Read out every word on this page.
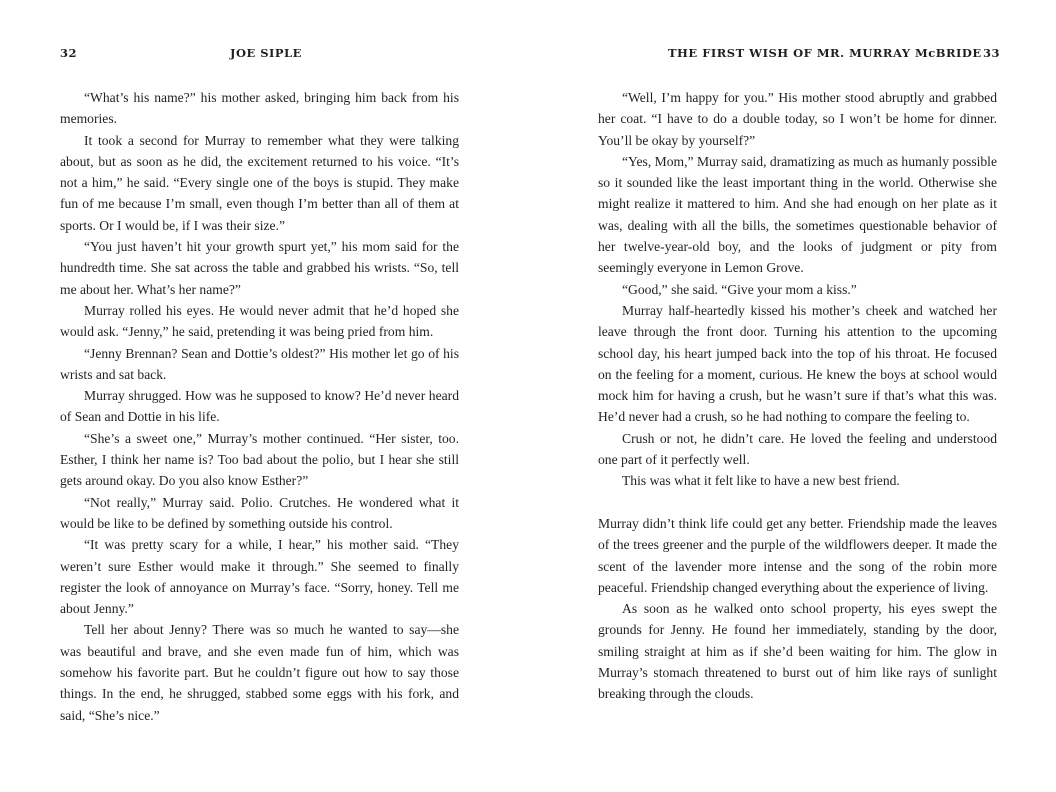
32	JOE SIPLE

“What’s his name?” his mother asked, bringing him back from his memories.

It took a second for Murray to remember what they were talking about, but as soon as he did, the excitement returned to his voice. “It’s not a him,” he said. “Every single one of the boys is stupid. They make fun of me because I’m small, even though I’m better than all of them at sports. Or I would be, if I was their size.”

“You just haven’t hit your growth spurt yet,” his mom said for the hundredth time. She sat across the table and grabbed his wrists. “So, tell me about her. What’s her name?”

Murray rolled his eyes. He would never admit that he’d hoped she would ask. “Jenny,” he said, pretending it was being pried from him.

“Jenny Brennan? Sean and Dottie’s oldest?” His mother let go of his wrists and sat back.

Murray shrugged. How was he supposed to know? He’d never heard of Sean and Dottie in his life.

“She’s a sweet one,” Murray’s mother continued. “Her sister, too. Esther, I think her name is? Too bad about the polio, but I hear she still gets around okay. Do you also know Esther?”

“Not really,” Murray said. Polio. Crutches. He wondered what it would be like to be defined by something outside his control.

“It was pretty scary for a while, I hear,” his mother said. “They weren’t sure Esther would make it through.” She seemed to finally register the look of annoyance on Murray’s face. “Sorry, honey. Tell me about Jenny.”

Tell her about Jenny? There was so much he wanted to say—she was beautiful and brave, and she even made fun of him, which was somehow his favorite part. But he couldn’t figure out how to say those things. In the end, he shrugged, stabbed some eggs with his fork, and said, “She’s nice.”

THE FIRST WISH OF MR. MURRAY McBRIDE 33

“Well, I’m happy for you.” His mother stood abruptly and grabbed her coat. “I have to do a double today, so I won’t be home for dinner. You’ll be okay by yourself?”

“Yes, Mom,” Murray said, dramatizing as much as humanly possible so it sounded like the least important thing in the world. Otherwise she might realize it mattered to him. And she had enough on her plate as it was, dealing with all the bills, the sometimes questionable behavior of her twelve-year-old boy, and the looks of judgment or pity from seemingly everyone in Lemon Grove.

“Good,” she said. “Give your mom a kiss.”

Murray half-heartedly kissed his mother’s cheek and watched her leave through the front door. Turning his attention to the upcoming school day, his heart jumped back into the top of his throat. He focused on the feeling for a moment, curious. He knew the boys at school would mock him for having a crush, but he wasn’t sure if that’s what this was. He’d never had a crush, so he had nothing to compare the feeling to.

Crush or not, he didn’t care. He loved the feeling and understood one part of it perfectly well.

This was what it felt like to have a new best friend.

Murray didn’t think life could get any better. Friendship made the leaves of the trees greener and the purple of the wildflowers deeper. It made the scent of the lavender more intense and the song of the robin more peaceful. Friendship changed everything about the experience of living.

As soon as he walked onto school property, his eyes swept the grounds for Jenny. He found her immediately, standing by the door, smiling straight at him as if she’d been waiting for him. The glow in Murray’s stomach threatened to burst out of him like rays of sunlight breaking through the clouds.
